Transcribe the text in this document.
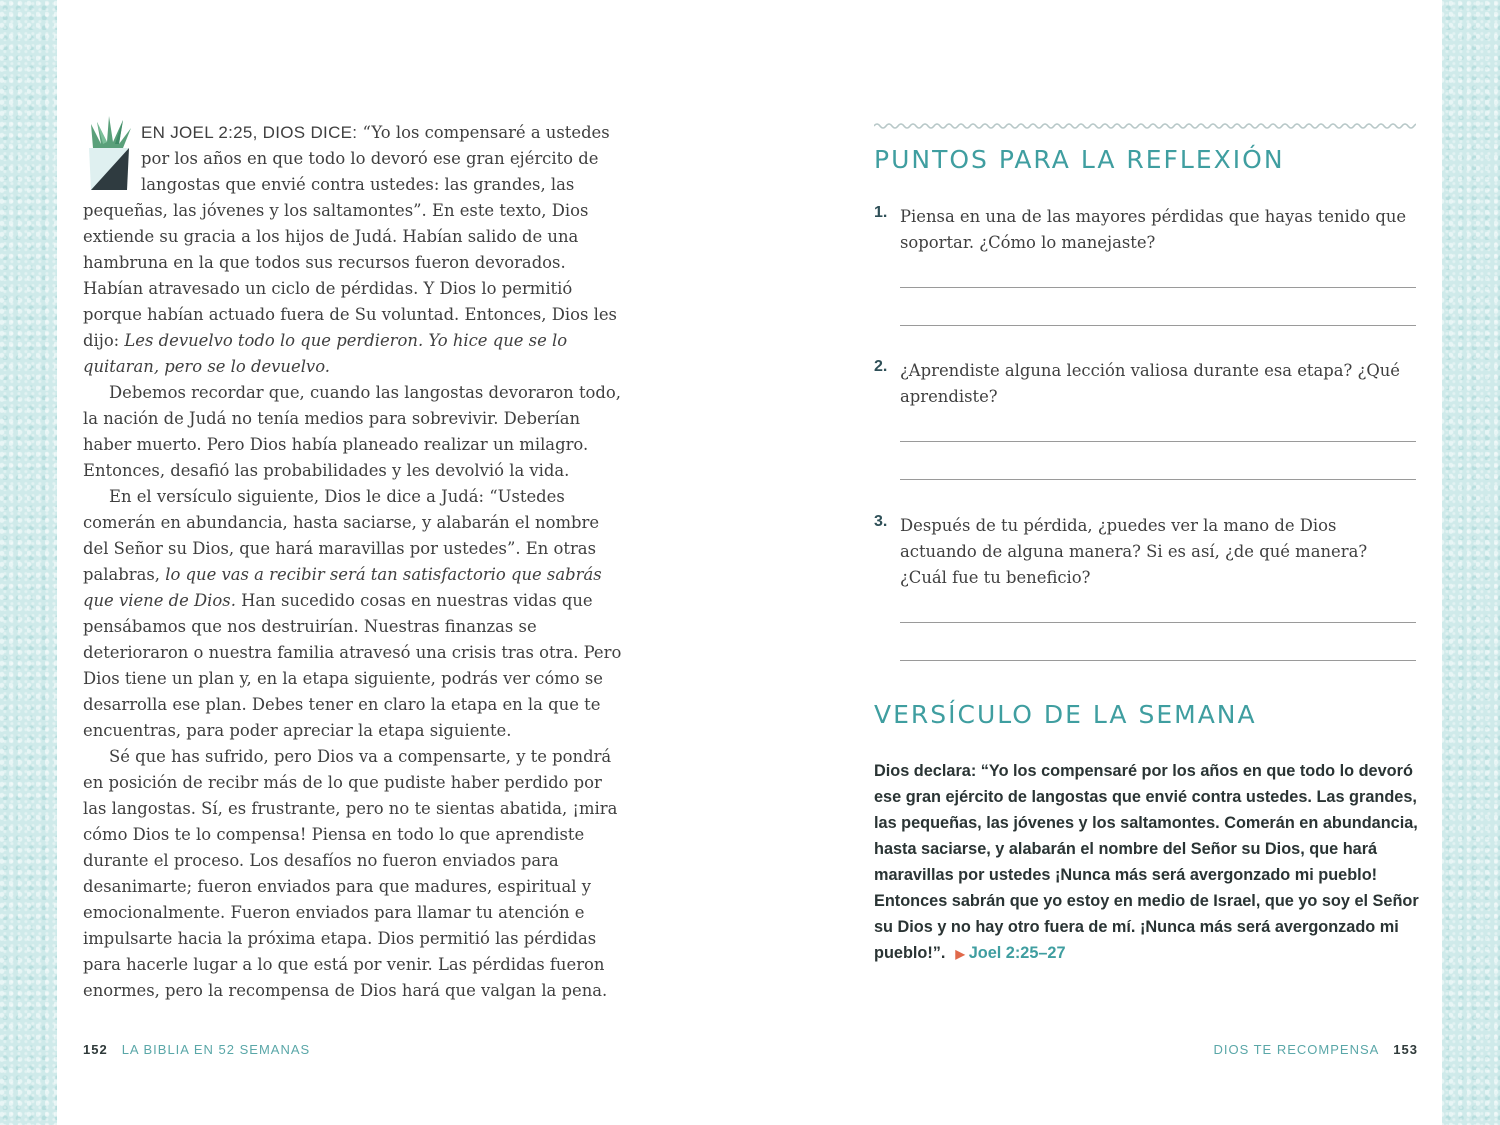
EN JOEL 2:25, DIOS DICE: “Yo los compensaré a ustedes por los años en que todo lo devoró ese gran ejército de langostas que envié contra ustedes: las grandes, las pequeñas, las jóvenes y los saltamontes”. En este texto, Dios extiende su gracia a los hijos de Judá. Habían salido de una hambruna en la que todos sus recursos fueron devorados. Habían atravesado un ciclo de pérdidas. Y Dios lo permitió porque habían actuado fuera de Su voluntad. Entonces, Dios les dijo: Les devuelvo todo lo que perdieron. Yo hice que se lo quitaran, pero se lo devuelvo.

Debemos recordar que, cuando las langostas devoraron todo, la nación de Judá no tenía medios para sobrevivir. Deberían haber muerto. Pero Dios había planeado realizar un milagro. Entonces, desafió las probabilidades y les devolvió la vida.

En el versículo siguiente, Dios le dice a Judá: “Ustedes comerán en abundancia, hasta saciarse, y alabarán el nombre del Señor su Dios, que hará maravillas por ustedes”. En otras palabras, lo que vas a recibir será tan satisfactorio que sabrás que viene de Dios. Han sucedido cosas en nuestras vidas que pensábamos que nos destruirían. Nuestras finanzas se deterioraron o nuestra familia atravesó una crisis tras otra. Pero Dios tiene un plan y, en la etapa siguiente, podrás ver cómo se desarrolla ese plan. Debes tener en claro la etapa en la que te encuentras, para poder apreciar la etapa siguiente.

Sé que has sufrido, pero Dios va a compensarte, y te pondrá en posición de recibr más de lo que pudiste haber perdido por las langostas. Sí, es frustrante, pero no te sientas abatida, ¡mira cómo Dios te lo compensa! Piensa en todo lo que aprendiste durante el proceso. Los desafíos no fueron enviados para desanimarte; fueron enviados para que madures, espiritual y emocionalmente. Fueron enviados para llamar tu atención e impulsarte hacia la próxima etapa. Dios permitió las pérdidas para hacerle lugar a lo que está por venir. Las pérdidas fueron enormes, pero la recompensa de Dios hará que valgan la pena.

152 LA BIBLIA EN 52 SEMANAS
PUNTOS PARA LA REFLEXIÓN
1. Piensa en una de las mayores pérdidas que hayas tenido que soportar. ¿Cómo lo manejaste?
2. ¿Aprendiste alguna lección valiosa durante esa etapa? ¿Qué aprendiste?
3. Después de tu pérdida, ¿puedes ver la mano de Dios actuando de alguna manera? Si es así, ¿de qué manera? ¿Cuál fue tu beneficio?
VERSÍCULO DE LA SEMANA

Dios declara: “Yo los compensaré por los años en que todo lo devoró ese gran ejército de langostas que envié contra ustedes. Las grandes, las pequeñas, las jóvenes y los saltamontes. Comerán en abundancia, hasta saciarse, y alabarán el nombre del Señor su Dios, que hará maravillas por ustedes ¡Nunca más será avergonzado mi pueblo! Entonces sabrán que yo estoy en medio de Israel, que yo soy el Señor su Dios y no hay otro fuera de mí. ¡Nunca más será avergonzado mi pueblo!”. ▶ Joel 2:25–27

DIOS TE RECOMPENSA 153
